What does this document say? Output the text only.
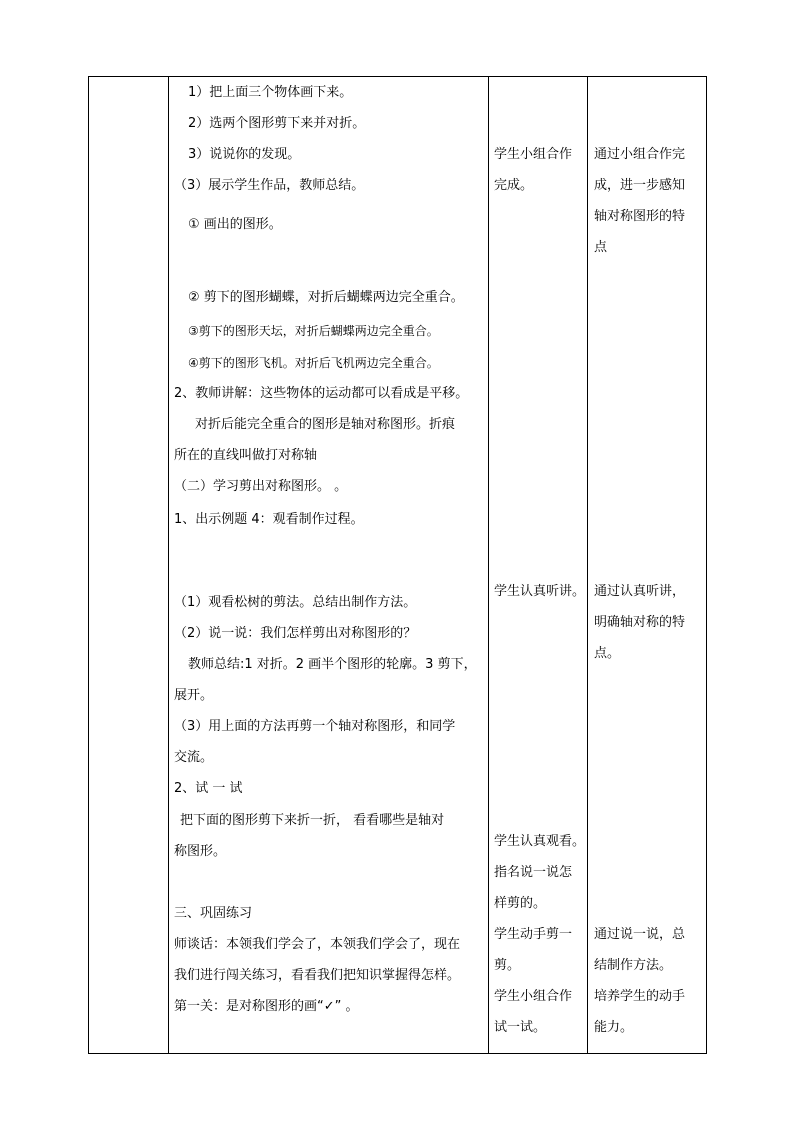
1）把上面三个物体画下来。
2）选两个图形剪下来并对折。
3）说说你的发现。
（3）展示学生作品，教师总结。
① 画出的图形。
② 剪下的图形蝴蝶，对折后蝴蝶两边完全重合。
③剪下的图形天坛，对折后蝴蝶两边完全重合。
④剪下的图形飞机。对折后飞机两边完全重合。
2、教师讲解：这些物体的运动都可以看成是平移。
对折后能完全重合的图形是轴对称图形。折痕
所在的直线叫做打对称轴
（二）学习剪出对称图形。 。
1、出示例题 4：观看制作过程。
（1）观看松树的剪法。总结出制作方法。
（2）说一说：我们怎样剪出对称图形的？
教师总结:1 对折。2 画半个图形的轮廓。3 剪下，
展开。
（3）用上面的方法再剪一个轴对称图形，和同学
交流。
2、试 一 试
把下面的图形剪下来折一折， 看看哪些是轴对
称图形。
三、巩固练习
师谈话：本领我们学会了，本领我们学会了，现在
我们进行闯关练习，看看我们把知识掌握得怎样。
第一关：是对称图形的画“✓” 。
学生小组合作
完成。
学生认真听讲。
学生认真观看。
指名说一说怎
样剪的。
学生动手剪一
剪。
学生小组合作
试一试。
通过小组合作完
成，进一步感知
轴对称图形的特
点
通过认真听讲，
明确轴对称的特
点。
通过说一说，总
结制作方法。
培养学生的动手
能力。
